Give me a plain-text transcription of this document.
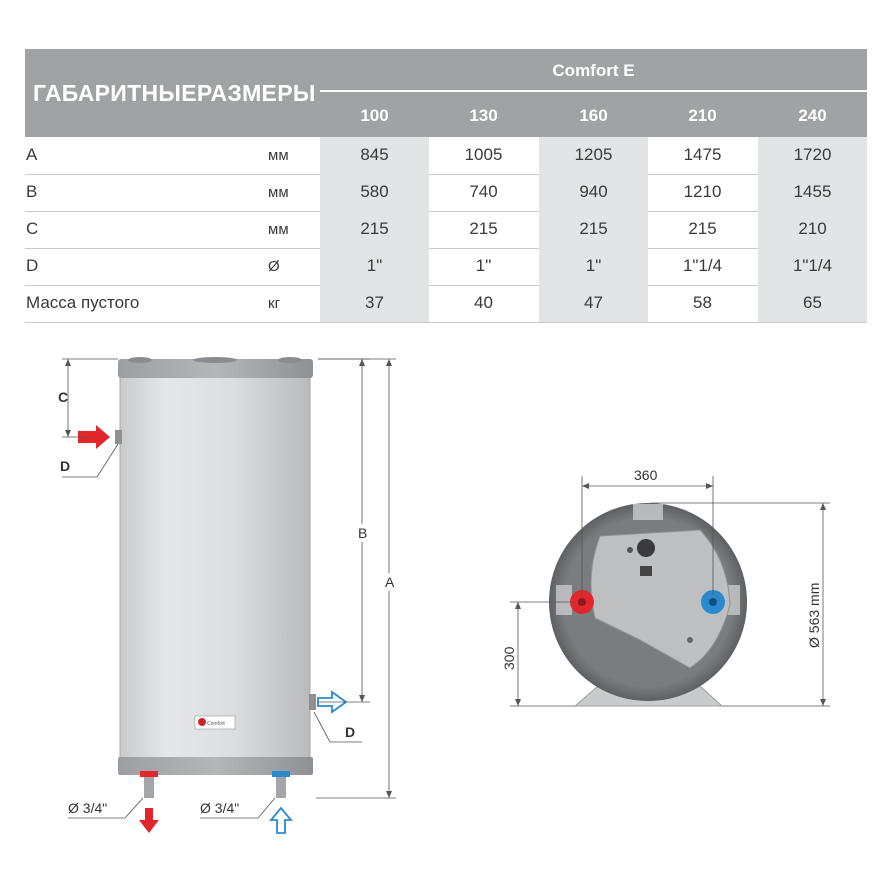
ГАБАРИТНЫЕРАЗМЕРЫ
Comfort E
100	130	160	210	240
A	мм	845	1005	1205	1475	1720
B	мм	580	740	940	1210	1455
C	мм	215	215	215	215	210
D	Ø	1"	1"	1"	1"1/4	1"1/4
Масса пустого	кг	37	40	47	58	65
Comfort
C
D
B
A
D
Ø 3/4"	Ø 3/4"
360
300
Ø 563 mm
